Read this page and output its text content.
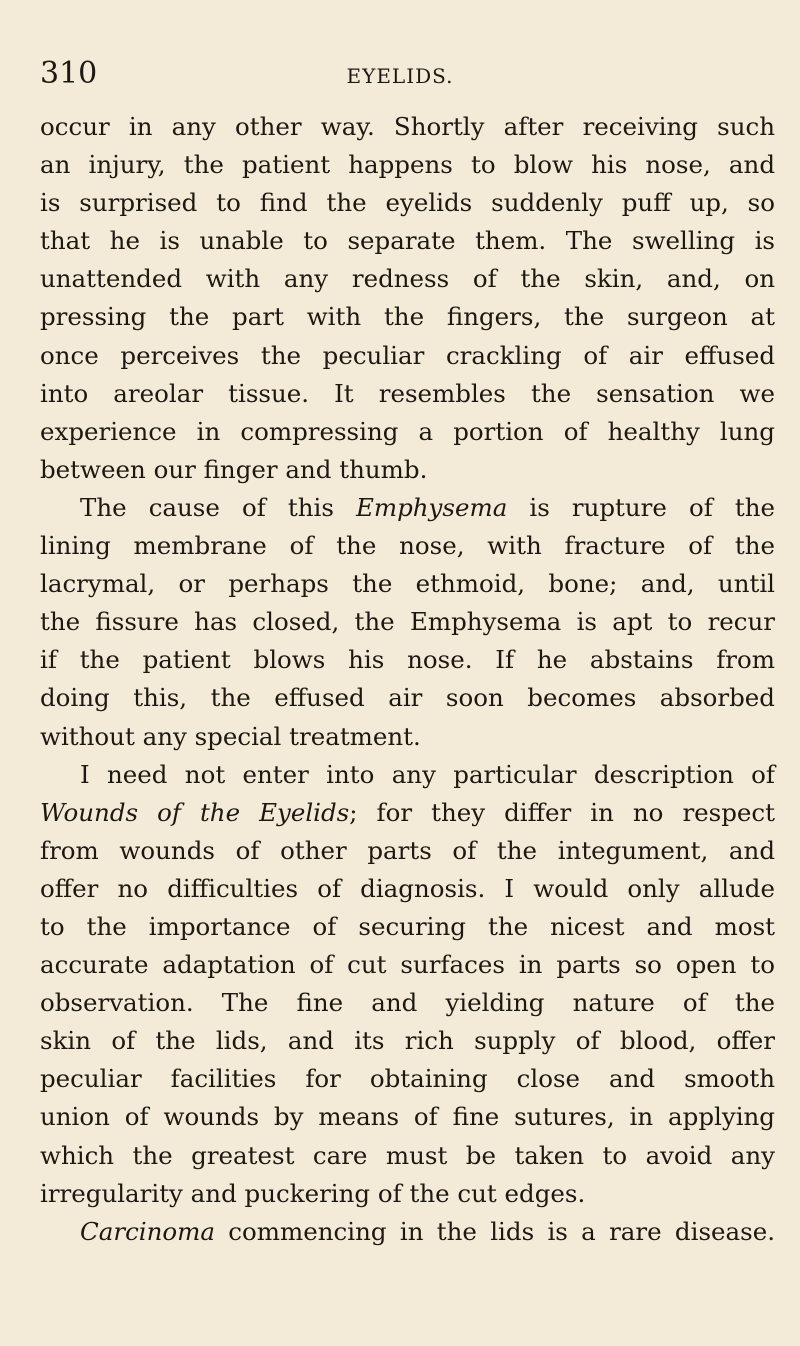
310	EYELIDS.
occur in any other way. Shortly after receiving such
an injury, the patient happens to blow his nose, and
is surprised to find the eyelids suddenly puff up, so
that he is unable to separate them. The swelling is
unattended with any redness of the skin, and, on
pressing the part with the fingers, the surgeon at
once perceives the peculiar crackling of air effused
into areolar tissue. It resembles the sensation we
experience in compressing a portion of healthy lung
between our finger and thumb.
The cause of this Emphysema is rupture of the
lining membrane of the nose, with fracture of the
lacrymal, or perhaps the ethmoid, bone; and, until
the fissure has closed, the Emphysema is apt to recur
if the patient blows his nose. If he abstains from
doing this, the effused air soon becomes absorbed
without any special treatment.
I need not enter into any particular description of
Wounds of the Eyelids; for they differ in no respect
from wounds of other parts of the integument, and
offer no difficulties of diagnosis. I would only allude
to the importance of securing the nicest and most
accurate adaptation of cut surfaces in parts so open to
observation. The fine and yielding nature of the
skin of the lids, and its rich supply of blood, offer
peculiar facilities for obtaining close and smooth
union of wounds by means of fine sutures, in applying
which the greatest care must be taken to avoid any
irregularity and puckering of the cut edges.
Carcinoma commencing in the lids is a rare disease.
